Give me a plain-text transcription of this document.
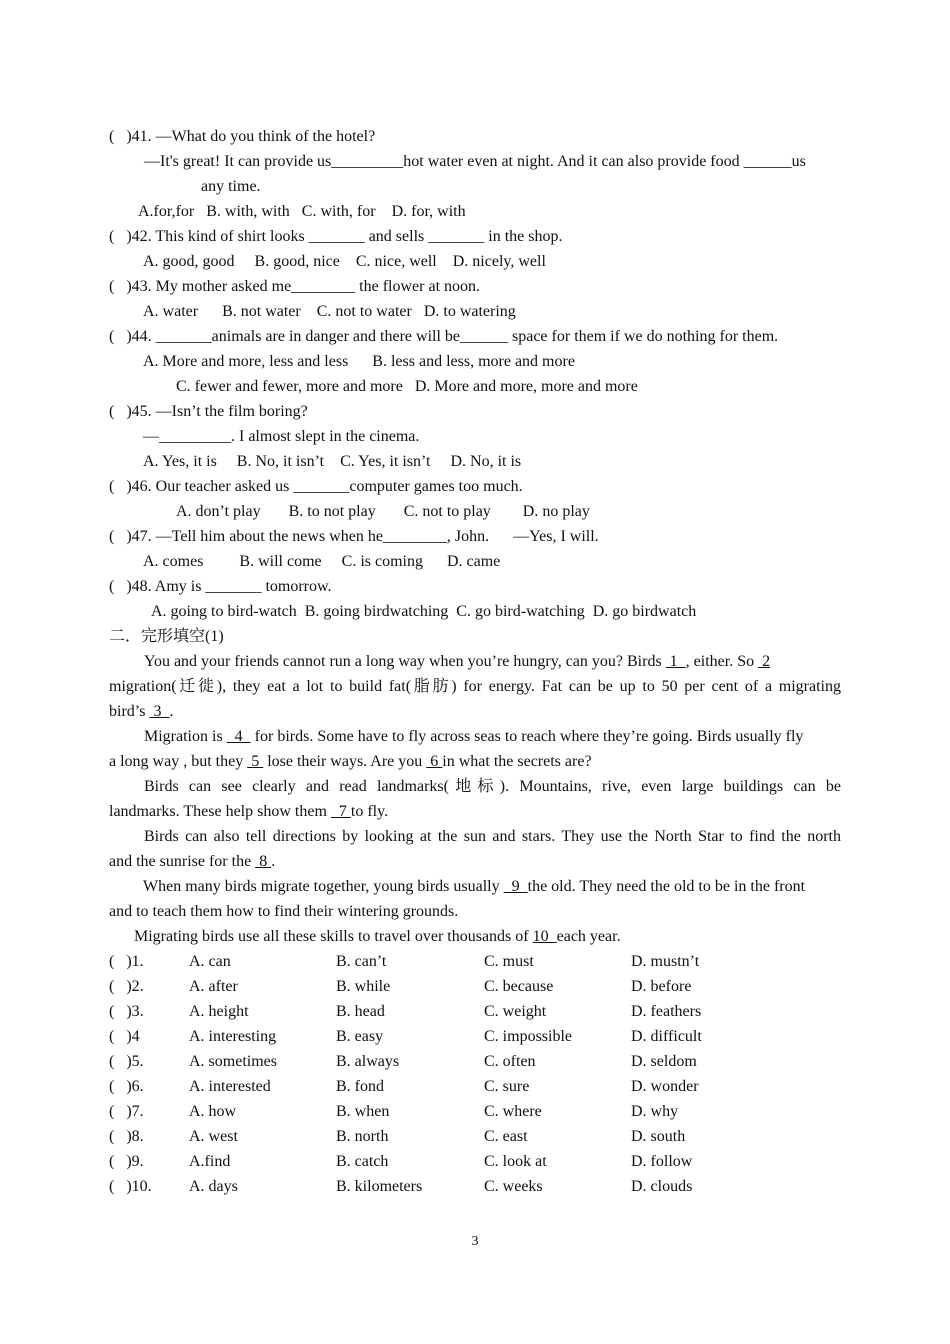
(   )41. —What do you think of the hotel?
—It's great! It can provide us_________hot water even at night. And it can also provide food ______us
any time.
A.for,for   B. with, with   C. with, for    D. for, with
(   )42. This kind of shirt looks _______ and sells _______ in the shop.
A. good, good     B. good, nice    C. nice, well    D. nicely, well
(   )43. My mother asked me________ the flower at noon.
A. water      B. not water    C. not to water   D. to watering
(   )44. _______animals are in danger and there will be______ space for them if we do nothing for them.
A. More and more, less and less      B. less and less, more and more
C. fewer and fewer, more and more   D. More and more, more and more
(   )45. —Isn’t the film boring?
—_________. I almost slept in the cinema.
A. Yes, it is     B. No, it isn’t    C. Yes, it isn’t     D. No, it is
(   )46. Our teacher asked us _______computer games too much.
A. don’t play       B. to not play       C. not to play        D. no play
(   )47. —Tell him about the news when he________, John.      —Yes, I will.
A. comes         B. will come     C. is coming      D. came
(   )48. Amy is _______ tomorrow.
A. going to bird-watch  B. going birdwatching  C. go bird-watching  D. go birdwatch
二．完形填空(1)
You and your friends cannot run a long way when you’re hungry, can you? Birds  1  , either. So  2
migration(迁徙), they eat a lot to build fat(脂肪) for energy. Fat can be up to 50 per cent of a migrating
bird’s  3  .
Migration is   4   for birds. Some have to fly across seas to reach where they’re going. Birds usually fly
a long way , but they  5  lose their ways. Are you  6 in what the secrets are?
Birds can see clearly and read landmarks(地标). Mountains, rive, even large buildings can be
landmarks. These help show them   7 to fly.
Birds can also tell directions by looking at the sun and stars. They use the North Star to find the north
and the sunrise for the  8 .
When many birds migrate together, young birds usually   9  the old. They need the old to be in the front
and to teach them how to find their wintering grounds.
Migrating birds use all these skills to travel over thousands of 10  each year.
(   )1.	A. can	B. can’t	C. must	D. mustn’t
(   )2.	A. after	B. while	C. because	D. before
(   )3.	A. height	B. head	C. weight	D. feathers
(   )4	A. interesting	B. easy	C. impossible	D. difficult
(   )5.	A. sometimes	B. always	C. often	D. seldom
(   )6.	A. interested	B. fond	C. sure	D. wonder
(   )7.	A. how	B. when	C. where	D. why
(   )8.	A. west	B. north	C. east	D. south
(   )9.	A.find	B. catch	C. look at	D. follow
(   )10. A. days	B. kilometers	C. weeks	D. clouds
3
